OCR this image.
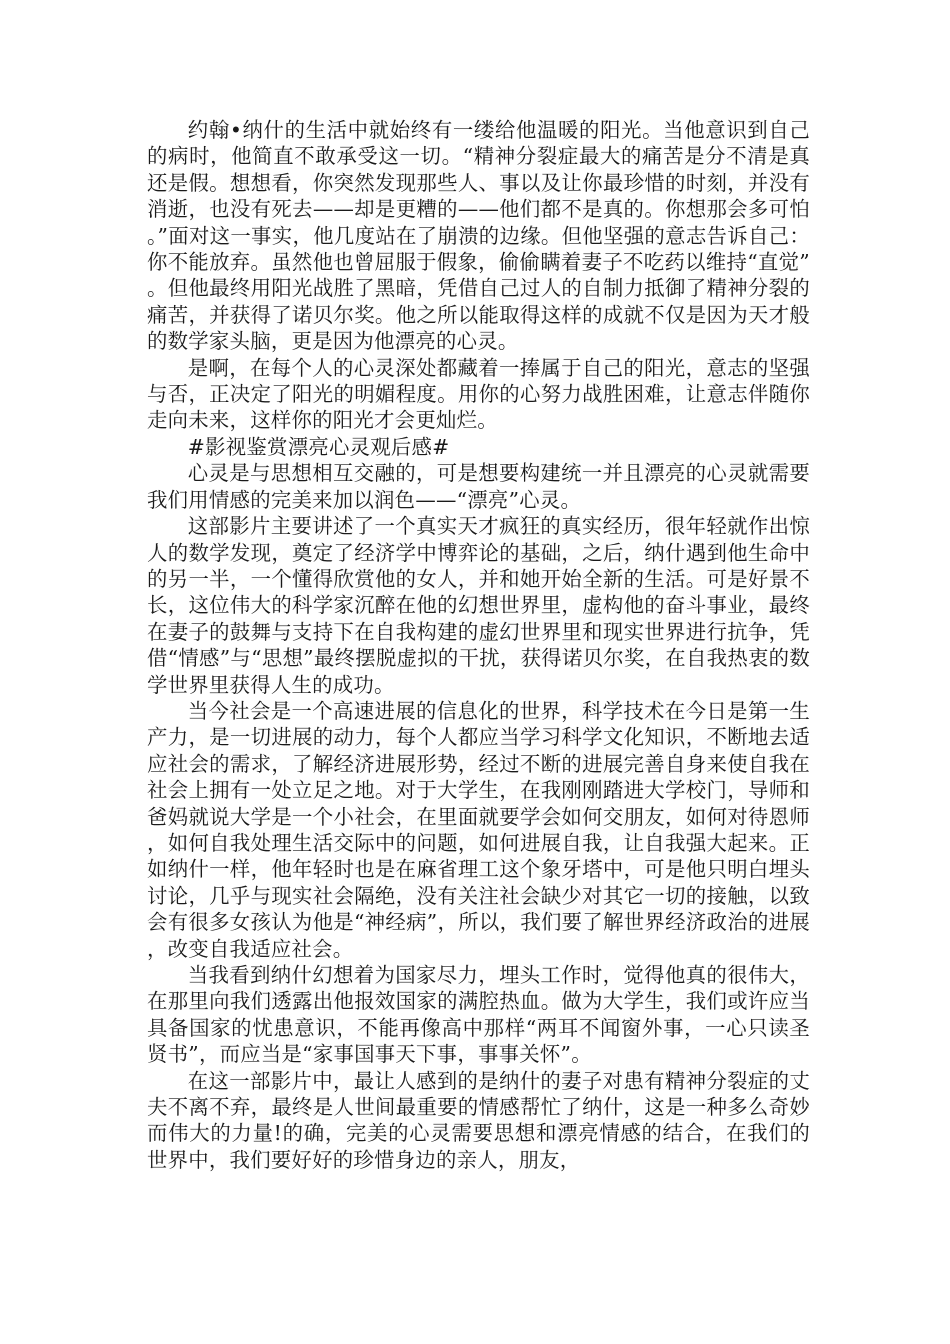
约翰•纳什的生活中就始终有一缕给他温暖的阳光。当他意识到自己的病时，他简直不敢承受这一切。“精神分裂症最大的痛苦是分不清是真还是假。想想看，你突然发现那些人、事以及让你最珍惜的时刻，并没有消逝，也没有死去——却是更糟的——他们都不是真的。你想那会多可怕。”面对这一事实，他几度站在了崩溃的边缘。但他坚强的意志告诉自己：你不能放弃。虽然他也曾屈服于假象，偷偷瞒着妻子不吃药以维持“直觉”。但他最终用阳光战胜了黑暗，凭借自己过人的自制力抵御了精神分裂的痛苦，并获得了诺贝尔奖。他之所以能取得这样的成就不仅是因为天才般的数学家头脑，更是因为他漂亮的心灵。

是啊，在每个人的心灵深处都藏着一捧属于自己的阳光，意志的坚强与否，正决定了阳光的明媚程度。用你的心努力战胜困难，让意志伴随你走向未来，这样你的阳光才会更灿烂。

#影视鉴赏漂亮心灵观后感#

心灵是与思想相互交融的，可是想要构建统一并且漂亮的心灵就需要我们用情感的完美来加以润色——“漂亮”心灵。

这部影片主要讲述了一个真实天才疯狂的真实经历，很年轻就作出惊人的数学发现，奠定了经济学中博弈论的基础，之后，纳什遇到他生命中的另一半，一个懂得欣赏他的女人，并和她开始全新的生活。可是好景不长，这位伟大的科学家沉醉在他的幻想世界里，虚构他的奋斗事业，最终在妻子的鼓舞与支持下在自我构建的虚幻世界里和现实世界进行抗争，凭借“情感”与“思想”最终摆脱虚拟的干扰，获得诺贝尔奖，在自我热衷的数学世界里获得人生的成功。

当今社会是一个高速进展的信息化的世界，科学技术在今日是第一生产力，是一切进展的动力，每个人都应当学习科学文化知识，不断地去适应社会的需求，了解经济进展形势，经过不断的进展完善自身来使自我在社会上拥有一处立足之地。对于大学生，在我刚刚踏进大学校门，导师和爸妈就说大学是一个小社会，在里面就要学会如何交朋友，如何对待恩师，如何自我处理生活交际中的问题，如何进展自我，让自我强大起来。正如纳什一样，他年轻时也是在麻省理工这个象牙塔中，可是他只明白埋头讨论，几乎与现实社会隔绝，没有关注社会缺少对其它一切的接触，以致会有很多女孩认为他是“神经病”，所以，我们要了解世界经济政治的进展，改变自我适应社会。

当我看到纳什幻想着为国家尽力，埋头工作时，觉得他真的很伟大，在那里向我们透露出他报效国家的满腔热血。做为大学生，我们或许应当具备国家的忧患意识，不能再像高中那样“两耳不闻窗外事，一心只读圣贤书”，而应当是“家事国事天下事，事事关怀”。

在这一部影片中，最让人感到的是纳什的妻子对患有精神分裂症的丈夫不离不弃，最终是人世间最重要的情感帮忙了纳什，这是一种多么奇妙而伟大的力量!的确，完美的心灵需要思想和漂亮情感的结合，在我们的世界中，我们要好好的珍惜身边的亲人，朋友，
